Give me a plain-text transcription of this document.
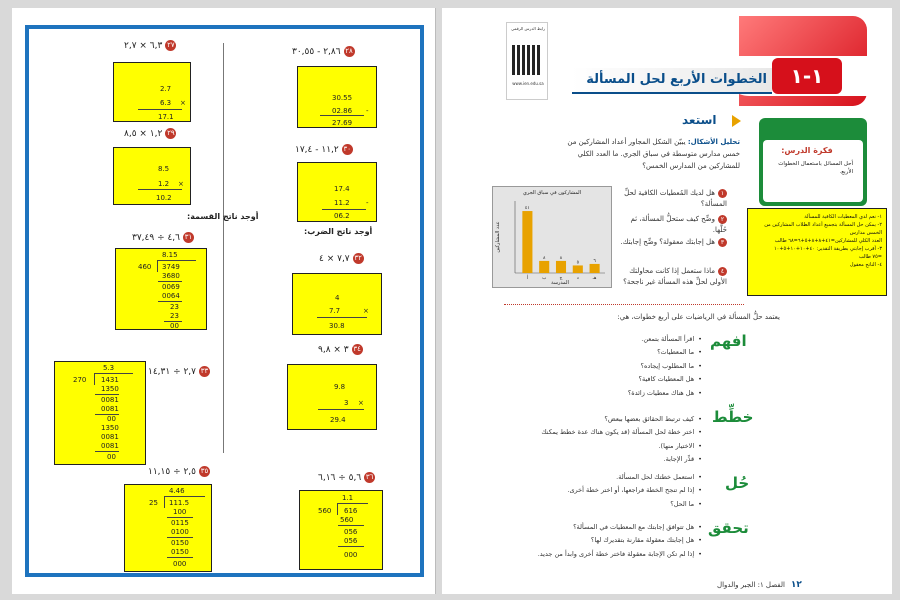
٢٧٦,٣ × ٢,٧
2.7
6.3 ×
17.1
٢٨٢,٨٦ - ٣٠,٥٥
30.55
02.86 -
27.69
٢٩١,٢ × ٨,٥
8.5
1.2 ×
10.2
٣٠١١,٢ - ١٧,٤
17.4
11.2 -
06.2
أوجد ناتج القسمة:
أوجد ناتج الضرب:
٣١٤,٦ ÷ ٣٧,٤٩
8.15
460 3749
3680
0069
0064
23
23
00
٣٢٧,٧ × ٤
4
7.7	×
30.8
٣٣٢,٧ ÷ ١٤,٣١
5.3
270 1431
1350
0081
0081
00
1350
0081
0081
00
٣٤٣ × ٩,٨
9.8
3 ×
29.4
٣٥٢,٥ ÷ ١١,١٥
4.46
25 111.5
100
0115
0100
0150
0150
000
٣٦٥,٦ ÷ ٦,١٦
1.1
560 616
560
056
056
000
رابط الدرس الرقمي
www.ien.edu.sa	١-١
الخطوات الأربع لحل المسألة
استعد
تحليل الأشكال: يبيّن الشكل المجاور أعداد المشاركين من خمس مدارس متوسطة في سباق الجري. ما العدد الكلي للمشاركين من المدارس الخمس؟
فكرة الدرس:
أحل المسائل باستعمال الخطوات الأربع.
١- نعم لدي المعطيات الكافية للمسألة
٢- يمكن حل المسألة بتجميع أعداد الطلاب المشاركين من
الخمس مدارس
العدد الكلي للمشاركين=٤١+٨+٨+٥+٦=٦٨ طالب
٣- أقرب إجابتي بطريقة التقدير: ٤٠+١٠+١٠+٥+١٠
=٧٥ طالب
٤- الناتج معقول
المشاركون في سباق الجري
عدد المشاركين
المدرسة
٤١
أ
٨
ب
٨
ج
٥
د
٦
هـ
١هل لديك المُعطيات الكافية لحلِّ المسألة؟
٢وضِّح كيف ستحلُّ المسألة، ثم حُلَّها.
٣هل إجابتك معقولة؟ وضِّح إجابتك.
٤ماذا ستعمل إذا كانت محاولتك الأولى لحلِّ هذه المسألة غير ناجحة؟
يعتمد حلُّ المسألة في الرياضيات على أربع خطوات، هي:
افهم
• اقرأ المسألة بتمعن.
• ما المعطيات؟
• ما المطلوب إيجاده؟
• هل المعطيات كافية؟
• هل هناك معطيات زائدة؟
خطِّط
• كيف ترتبط الحقائق بعضها ببعض؟
• اختر خطة لحل المسألة (قد يكون هناك عدة خطط يمكنك
• الاختيار منها).
• قدِّر الإجابة.
حُل
• استعمل خطتك لحل المسألة.
• إذا لم تنجح الخطة فراجعها، أو اختر خطة أخرى.
• ما الحل؟
تحقق
• هل تتوافق إجابتك مع المعطيات في المسألة؟
• هل إجابتك معقولة مقارنة بتقديرك لها؟
• إذا لم تكن الإجابة معقولة فاختر خطة أخرى وابدأ من جديد.
١٢الفصل ١: الجبر والدوال
